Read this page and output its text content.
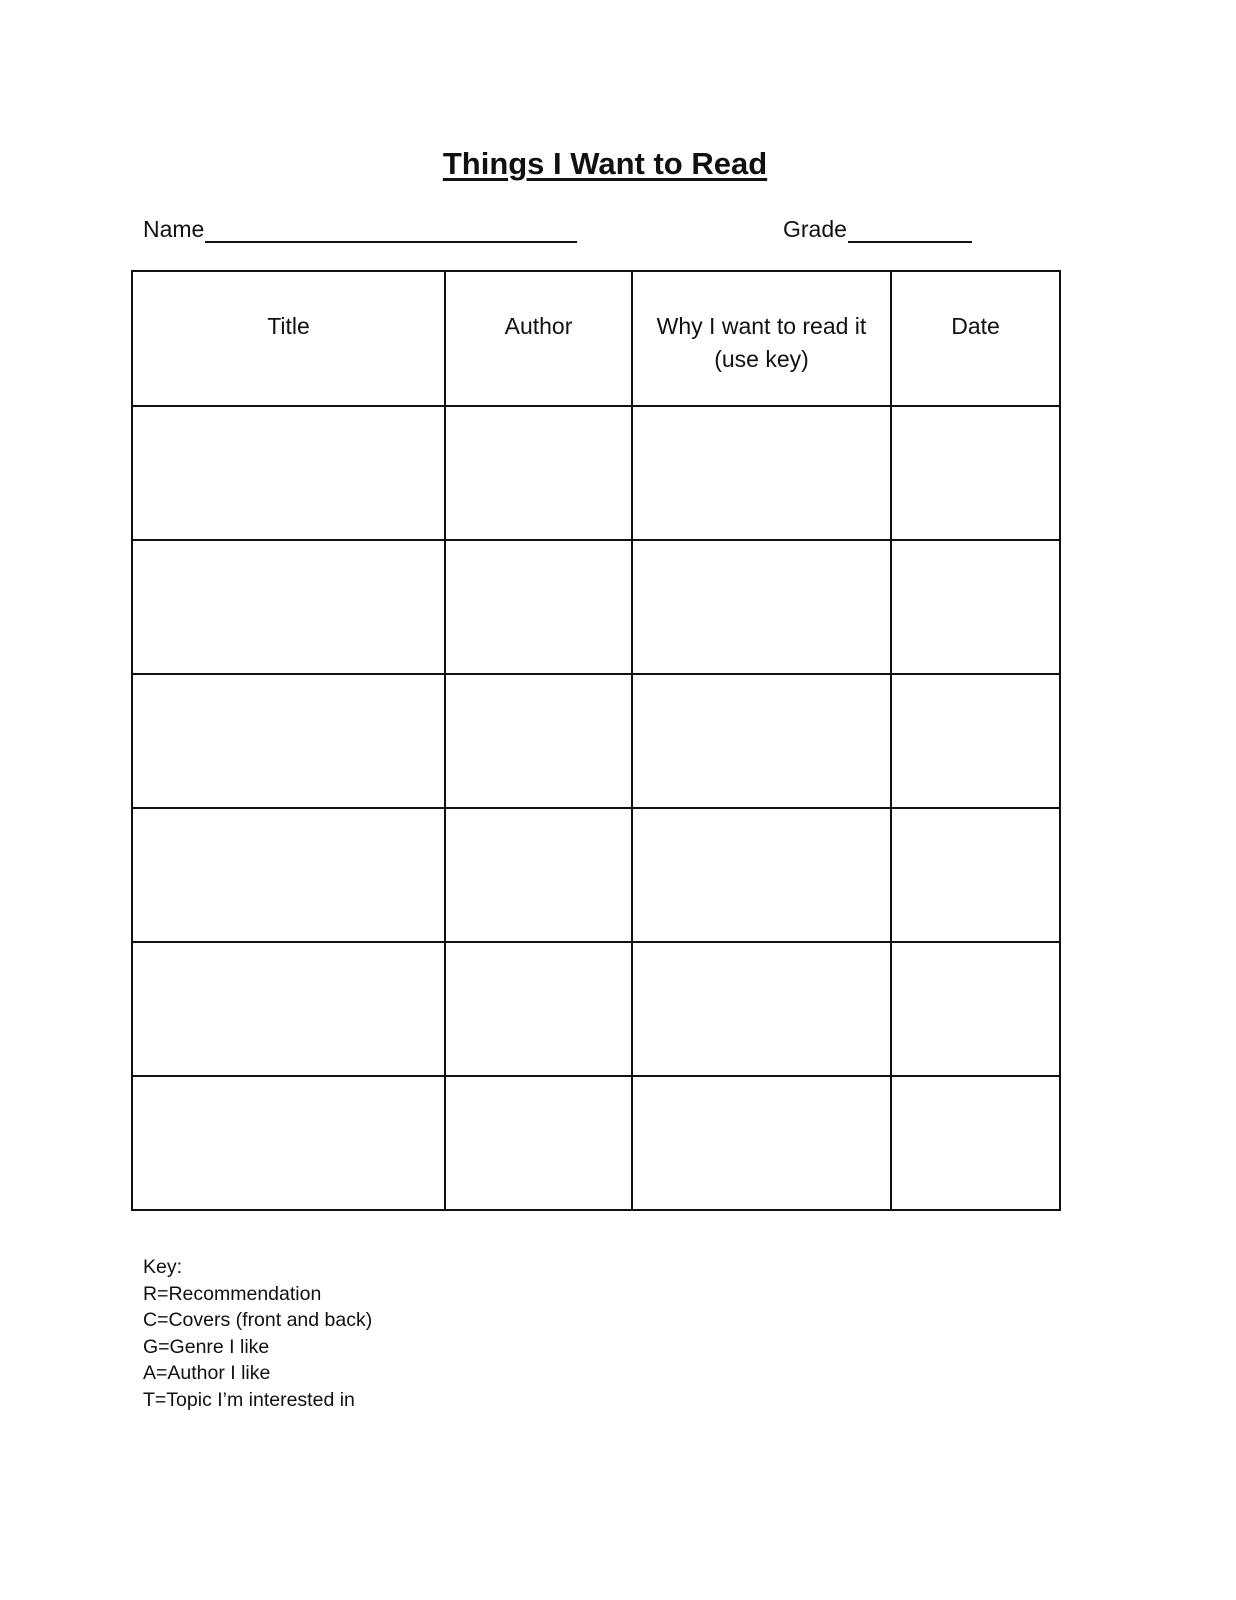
Things I Want to Read
Name	Grade
Title	Author	Why I want to read it (use key)	Date

Key:
R=Recommendation
C=Covers (front and back)
G=Genre I like
A=Author I like
T=Topic I’m interested in
